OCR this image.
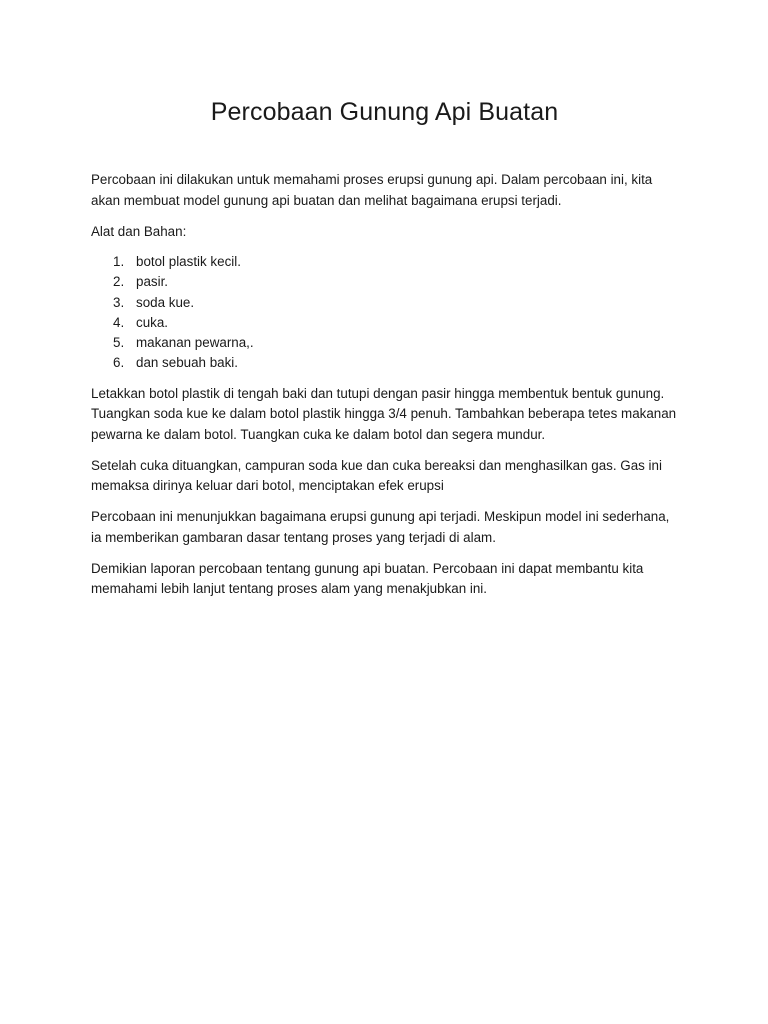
Percobaan Gunung Api Buatan

Percobaan ini dilakukan untuk memahami proses erupsi gunung api. Dalam percobaan ini, kita akan membuat model gunung api buatan dan melihat bagaimana erupsi terjadi.

Alat dan Bahan:

1. botol plastik kecil.
2. pasir.
3. soda kue.
4. cuka.
5. makanan pewarna,.
6. dan sebuah baki.

Letakkan botol plastik di tengah baki dan tutupi dengan pasir hingga membentuk bentuk gunung. Tuangkan soda kue ke dalam botol plastik hingga 3/4 penuh. Tambahkan beberapa tetes makanan pewarna ke dalam botol. Tuangkan cuka ke dalam botol dan segera mundur.

Setelah cuka dituangkan, campuran soda kue dan cuka bereaksi dan menghasilkan gas. Gas ini memaksa dirinya keluar dari botol, menciptakan efek erupsi

Percobaan ini menunjukkan bagaimana erupsi gunung api terjadi. Meskipun model ini sederhana, ia memberikan gambaran dasar tentang proses yang terjadi di alam.

Demikian laporan percobaan tentang gunung api buatan. Percobaan ini dapat membantu kita memahami lebih lanjut tentang proses alam yang menakjubkan ini.
